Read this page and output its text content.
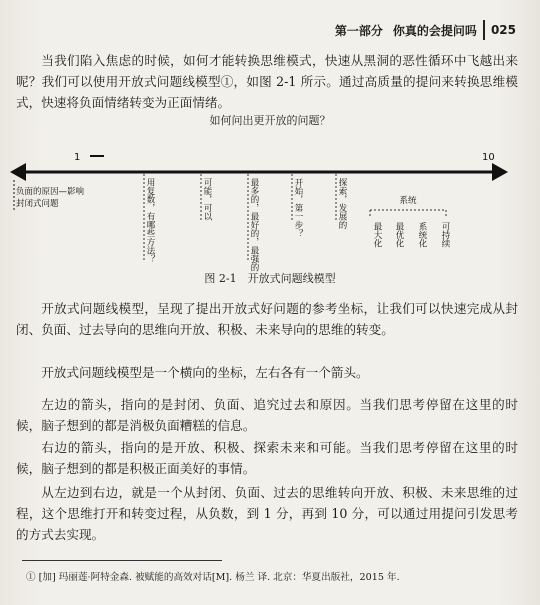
第一部分 你真的会提问吗 025

当我们陷入焦虑的时候，如何才能转换思维模式，快速从黑洞的恶性循环中飞越出来呢？我们可以使用开放式问题线模型①，如图 2-1 所示。通过高质量的提问来转换思维模式，快速将负面情绪转变为正面情绪。

如何问出更开放的问题？
1	10
负面的原因—影响
封闭式问题	用复数，有哪些方法？	可能，可以	最多的，最好的，最强的	开始，第一步？	探索，发展的	系统
最大化 最优化 系统化 可持续
图 2-1　开放式问题线模型

开放式问题线模型，呈现了提出开放式好问题的参考坐标，让我们可以快速完成从封闭、负面、过去导向的思维向开放、积极、未来导向的思维的转变。

开放式问题线模型是一个横向的坐标，左右各有一个箭头。

左边的箭头，指向的是封闭、负面、追究过去和原因。当我们思考停留在这里的时候，脑子想到的都是消极负面糟糕的信息。

右边的箭头，指向的是开放、积极、探索未来和可能。当我们思考停留在这里的时候，脑子想到的都是积极正面美好的事情。

从左边到右边，就是一个从封闭、负面、过去的思维转向开放、积极、未来思维的过程，这个思维打开和转变过程，从负数，到 1 分，再到 10 分，可以通过用提问引发思考的方式去实现。

① [加] 玛丽莲·阿特金森. 被赋能的高效对话[M]. 杨兰 译. 北京：华夏出版社，2015 年.
